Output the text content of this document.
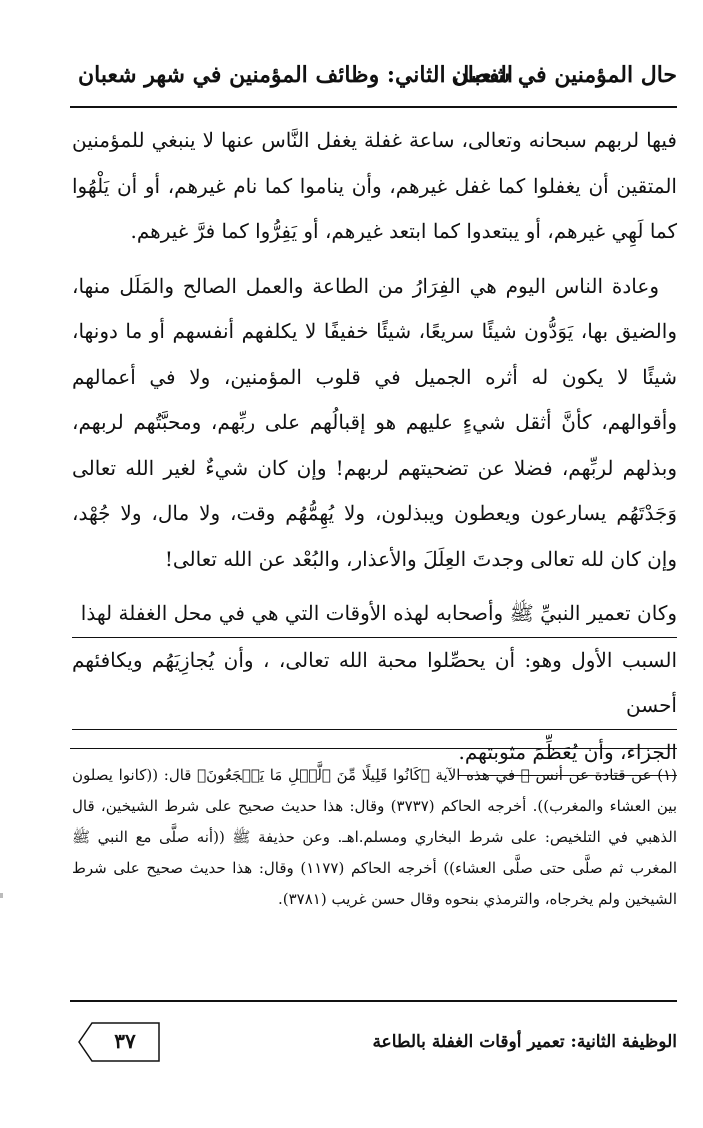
حال المؤمنين في شعبان
الفصل الثاني: وظائف المؤمنين في شهر شعبان

فيها لربهم سبحانه وتعالى، ساعة غفلة يغفل النَّاس عنها لا ينبغي للمؤمنين المتقين أن يغفلوا كما غفل غيرهم، وأن يناموا كما نام غيرهم، أو أن يَلْهُوا كما لَهِي غيرهم، أو يبتعدوا كما ابتعد غيرهم، أو يَفِرُّوا كما فرَّ غيرهم.

وعادة الناس اليوم هي الفِرَارُ من الطاعة والعمل الصالح والمَلَل منها، والضيق بها، يَوَدُّون شيئًا سريعًا، شيئًا خفيفًا لا يكلفهم أنفسهم أو ما دونها، شيئًا لا يكون له أثره الجميل في قلوب المؤمنين، ولا في أعمالهم وأقوالهم، كأنَّ أثقل شيءٍ عليهم هو إقبالُهم على ربِّهم، ومحبَّتُهم لربهم، وبذلهم لربِّهم، فضلا عن تضحيتهم لربهم! وإن كان شيءٌ لغير الله تعالى وَجَدْتَهُم يسارعون ويعطون ويبذلون، ولا يُهِمُّهُم وقت، ولا مال، ولا جُهْد، وإن كان لله تعالى وجدتَ العِلَلَ والأعذار، والبُعْد عن الله تعالى!

وكان تعمير النبيِّ ﷺ وأصحابه لهذه الأوقات التي هي في محل الغفلة لهذا
السبب الأول وهو: أن يحصِّلوا محبة الله تعالى، ، وأن يُجازِيَهُم ويكافئهم أحسن
الجزاء، وأن يُعَظِّمَ مثوبتهم.
(١) عن قتادة عن أنس ﷺ في هذه الآية ﴿كَانُوا قَلِيلًا مِّنَ ٱلَّيۡلِ مَا يَهۡجَعُونَ﴾ قال: ((كانوا يصلون بين العشاء والمغرب)). أخرجه الحاكم (٣٧٣٧) وقال: هذا حديث صحيح على شرط الشيخين، قال الذهبي في التلخيص: على شرط البخاري ومسلم.اهـ. وعن حذيفة ﷺ ((أنه صلَّى مع النبي ﷺ المغرب ثم صلَّى حتى صلَّى العشاء)) أخرجه الحاكم (١١٧٧) وقال: هذا حديث صحيح على شرط الشيخين ولم يخرجاه، والترمذي بنحوه وقال حسن غريب (٣٧٨١).
الوظيفة الثانية: تعمير أوقات الغفلة بالطاعة
٣٧
